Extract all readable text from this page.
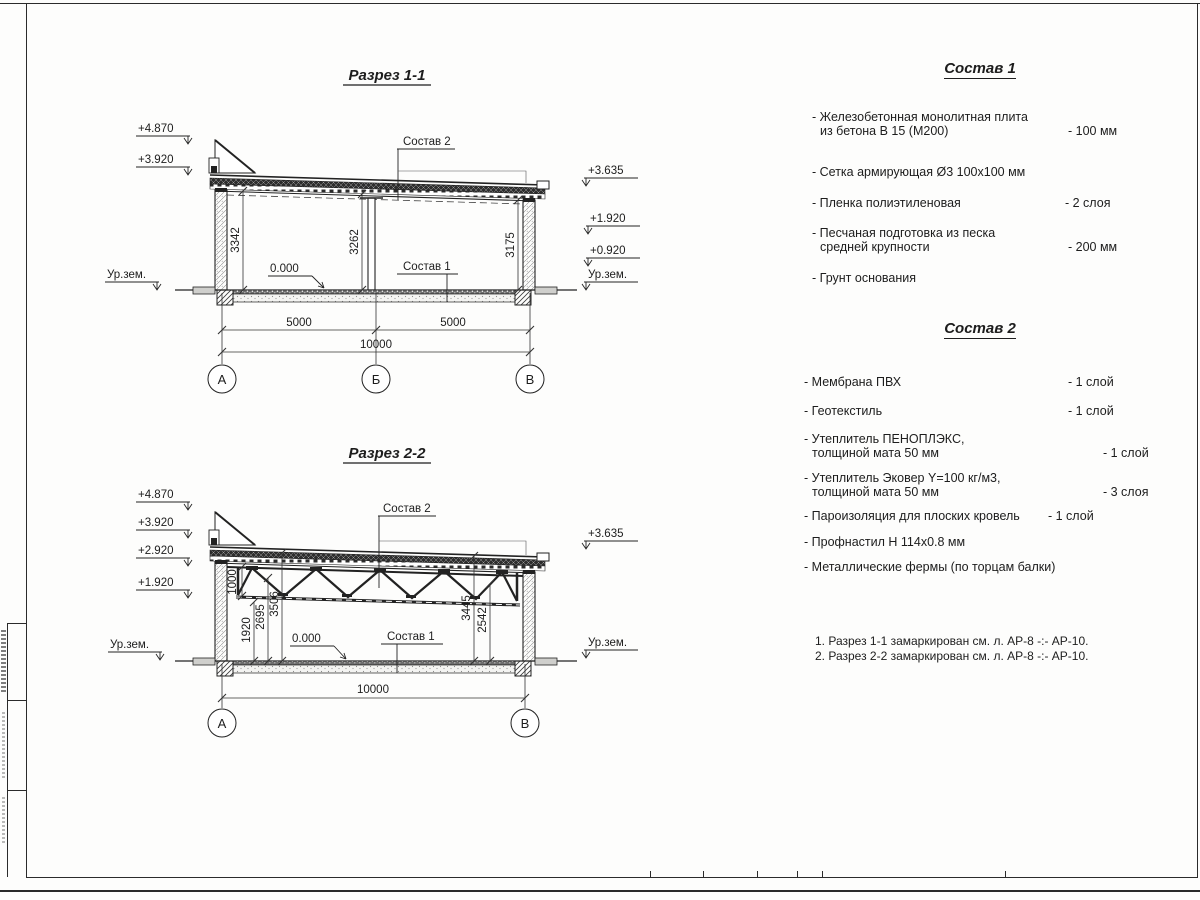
Разрез 1-1
3342	3262	3175
0.000
Состав 2
Состав 1
+4.870
+3.920
Ур.зем.
+3.635
+1.920
+0.920
Ур.зем.
5000	5000
10000
А	Б	В
Разрез 2-2
1000
1920
2695
3506	3445 2542
0.000
Состав 2
Состав 1
+4.870
+3.920
+2.920
+1.920
Ур.зем.
+3.635
Ур.зем.
10000
А	В
Состав 1
- Железобетонная монолитная плита
из бетона В 15 (М200)	- 100 мм
- Сетка армирующая Ø3 100х100 мм
- Пленка полиэтиленовая	- 2 слоя
- Песчаная подготовка из песка
средней крупности	- 200 мм
- Грунт основания
Состав 2
- Мембрана ПВХ	- 1 слой
- Геотекстиль	- 1 слой
- Утеплитель ПЕНОПЛЭКС,
толщиной мата 50 мм	- 1 слой
- Утеплитель Эковер Y=100 кг/м3,
толщиной мата 50 мм	- 3 слоя
- Пароизоляция для плоских кровель - 1 слой
- Профнастил Н 114х0.8 мм
- Металлические фермы (по торцам балки)
1. Разрез 1-1 замаркирован см. л. АР-8 -:- АР-10.
2. Разрез 2-2 замаркирован см. л. АР-8 -:- АР-10.
